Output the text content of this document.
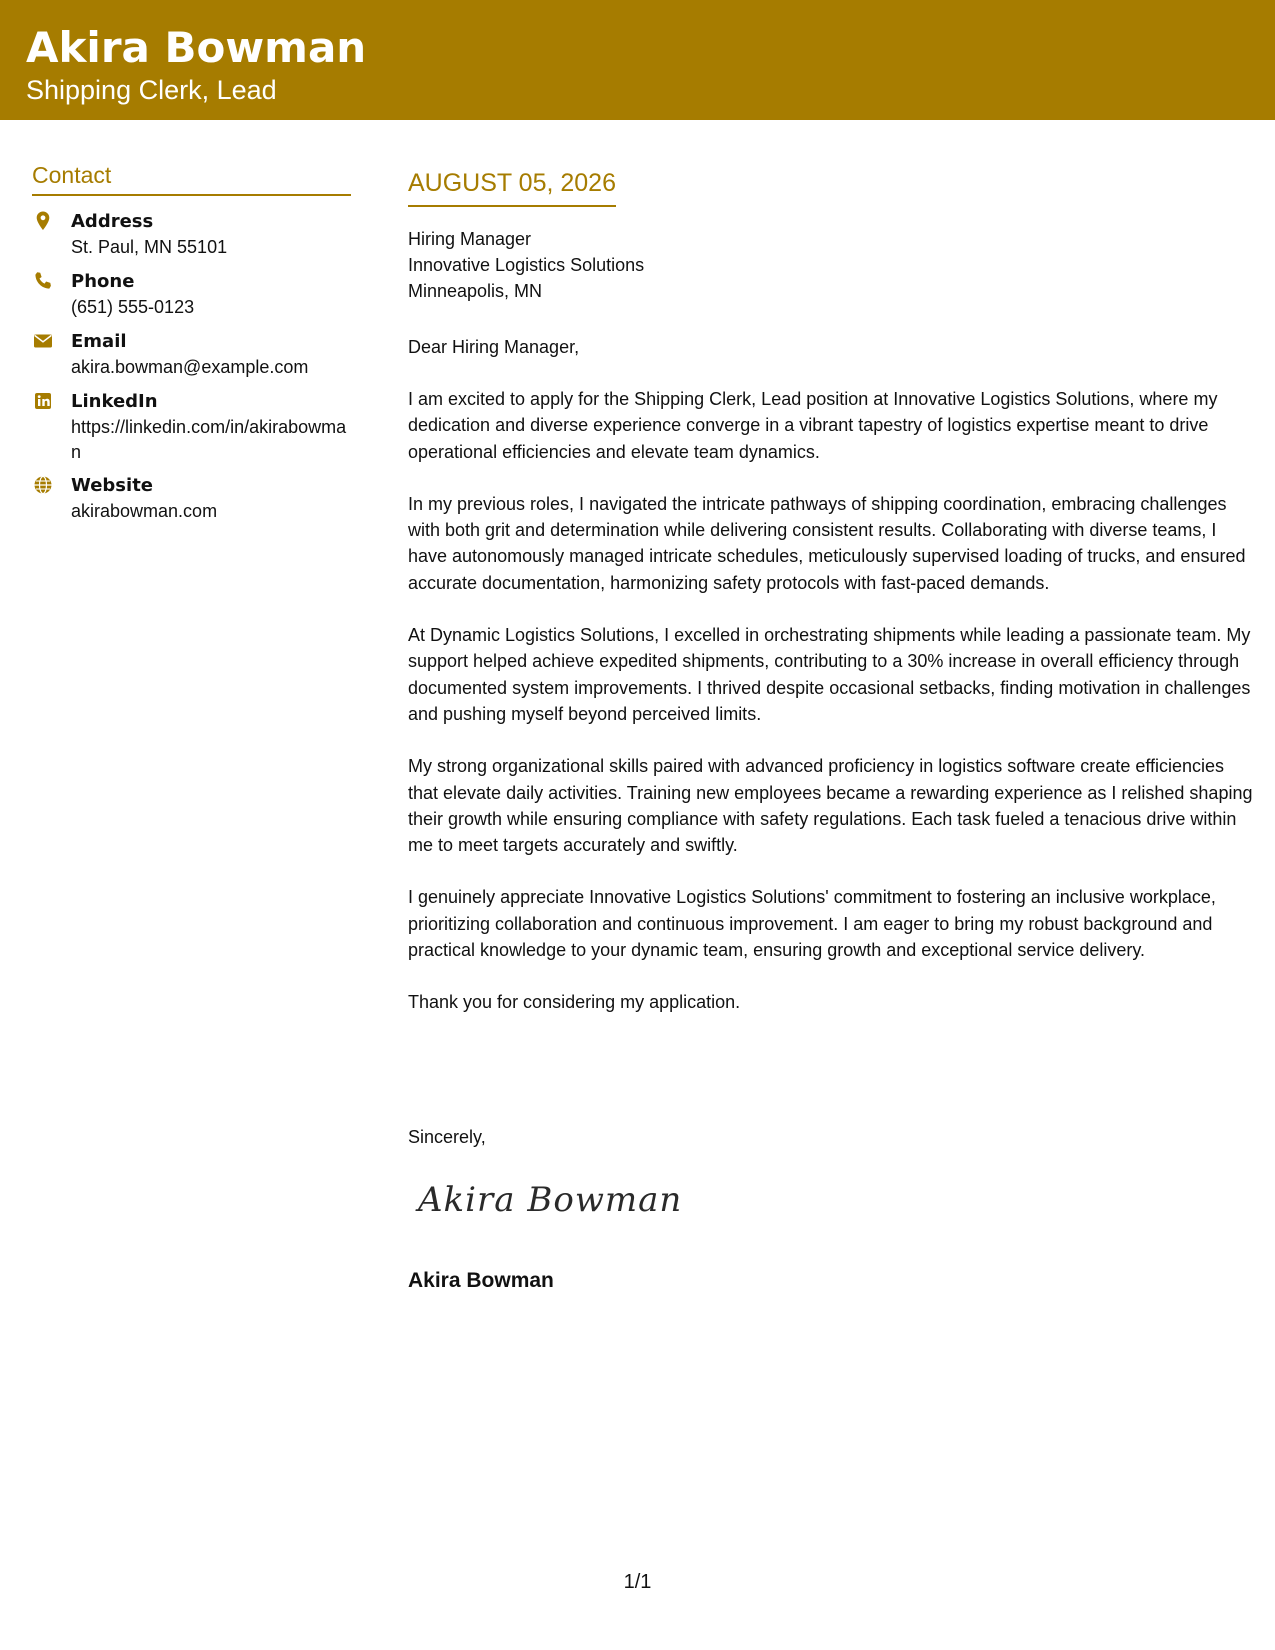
Akira Bowman
Shipping Clerk, Lead
Contact
Address
St. Paul, MN 55101
Phone
(651) 555-0123
Email
akira.bowman@example.com
LinkedIn
https://linkedin.com/in/akirabowman
Website
akirabowman.com
AUGUST 05, 2026
Hiring Manager
Innovative Logistics Solutions
Minneapolis, MN
Dear Hiring Manager,

I am excited to apply for the Shipping Clerk, Lead position at Innovative Logistics Solutions, where my dedication and diverse experience converge in a vibrant tapestry of logistics expertise meant to drive operational efficiencies and elevate team dynamics.

In my previous roles, I navigated the intricate pathways of shipping coordination, embracing challenges with both grit and determination while delivering consistent results. Collaborating with diverse teams, I have autonomously managed intricate schedules, meticulously supervised loading of trucks, and ensured accurate documentation, harmonizing safety protocols with fast-paced demands.

At Dynamic Logistics Solutions, I excelled in orchestrating shipments while leading a passionate team. My support helped achieve expedited shipments, contributing to a 30% increase in overall efficiency through documented system improvements. I thrived despite occasional setbacks, finding motivation in challenges and pushing myself beyond perceived limits.

My strong organizational skills paired with advanced proficiency in logistics software create efficiencies that elevate daily activities. Training new employees became a rewarding experience as I relished shaping their growth while ensuring compliance with safety regulations. Each task fueled a tenacious drive within me to meet targets accurately and swiftly.

I genuinely appreciate Innovative Logistics Solutions' commitment to fostering an inclusive workplace, prioritizing collaboration and continuous improvement. I am eager to bring my robust background and practical knowledge to your dynamic team, ensuring growth and exceptional service delivery.

Thank you for considering my application.

Sincerely,
Akira Bowman
Akira Bowman
1/1
